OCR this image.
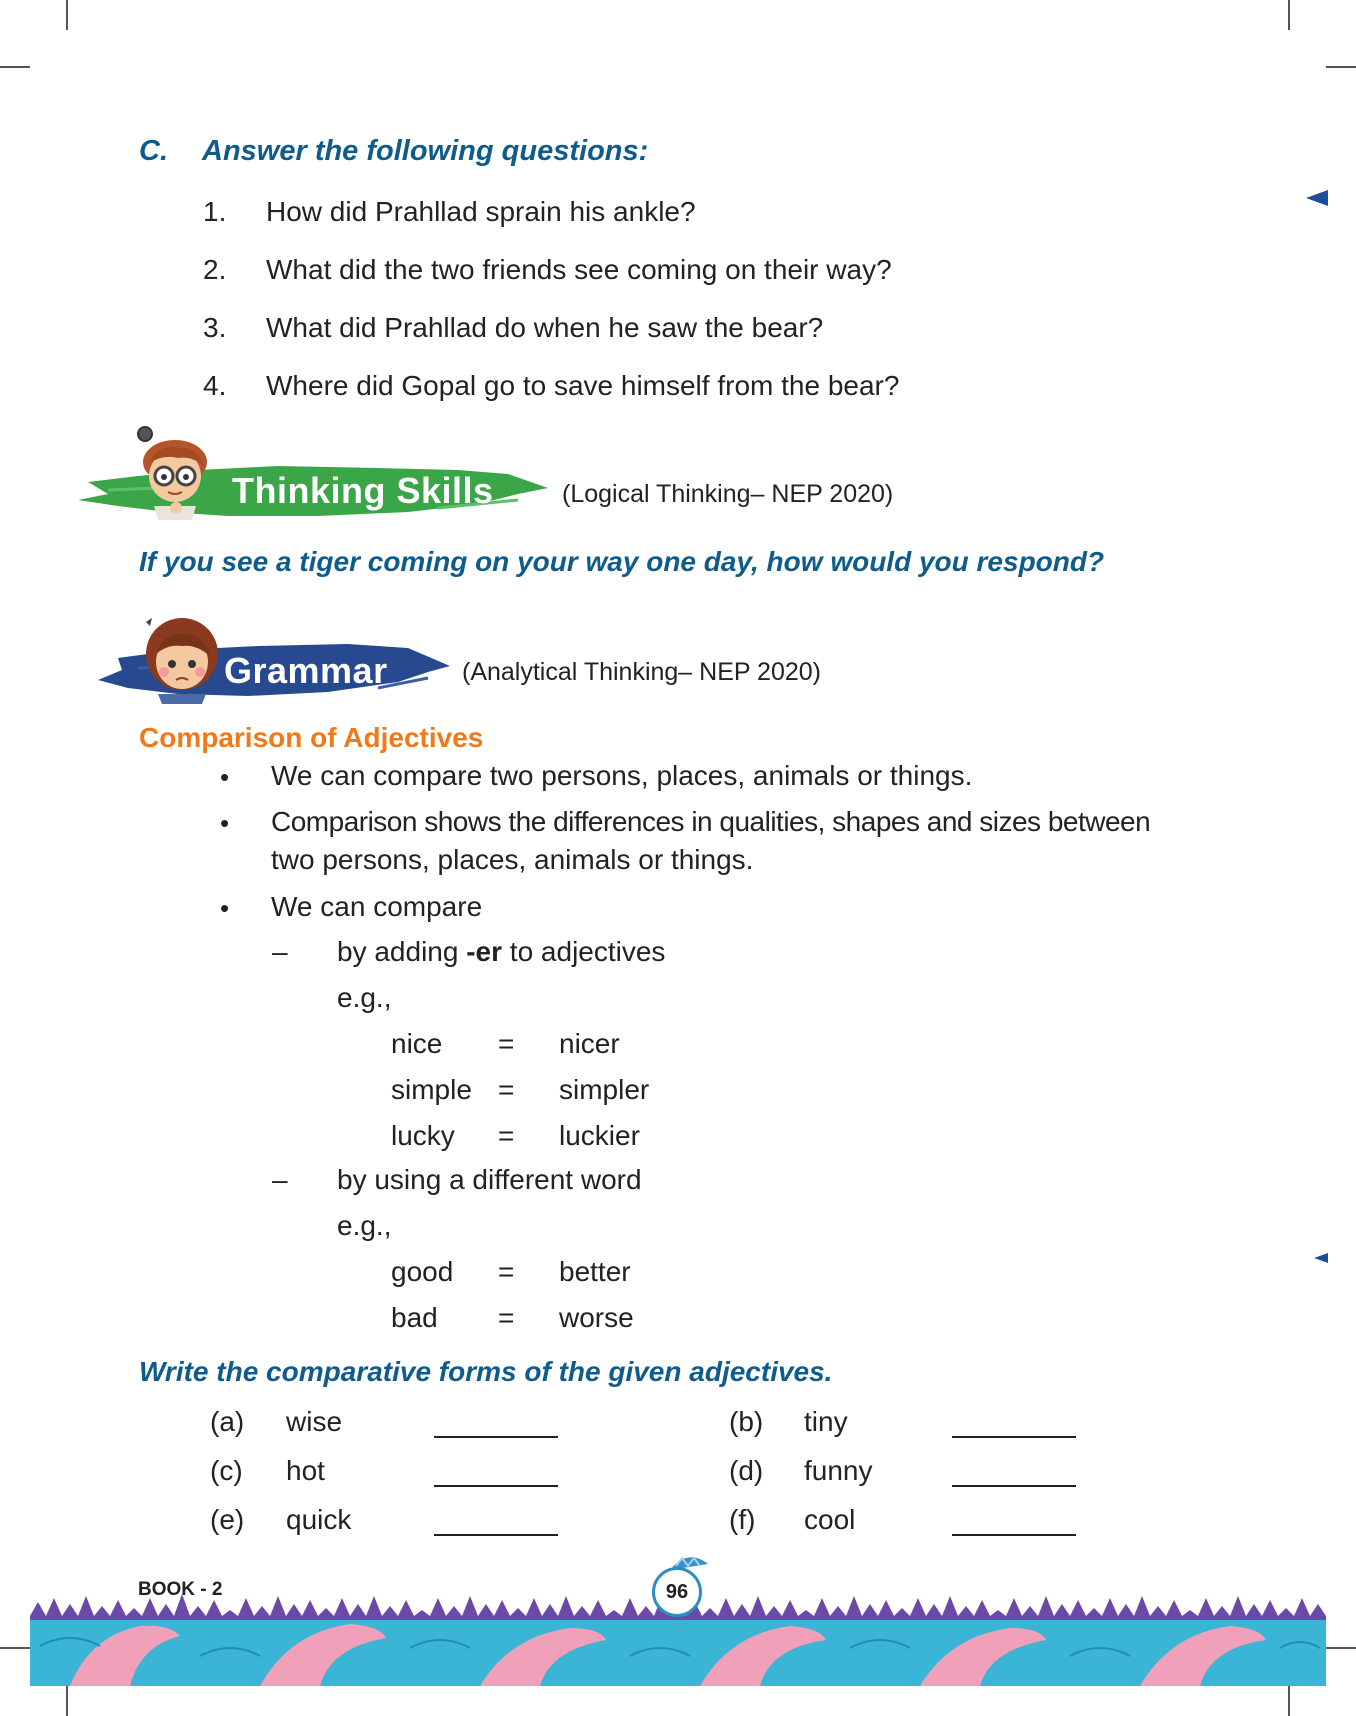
C. Answer the following questions:
1. How did Prahllad sprain his ankle?
2. What did the two friends see coming on their way?
3. What did Prahllad do when he saw the bear?
4. Where did Gopal go to save himself from the bear?
Thinking Skills	(Logical Thinking– NEP 2020)
If you see a tiger coming on your way one day, how would you respond?
Grammar	(Analytical Thinking– NEP 2020)
Comparison of Adjectives
• We can compare two persons, places, animals or things.
• Comparison shows the differences in qualities, shapes and sizes between
two persons, places, animals or things.
• We can compare
– by adding -er to adjectives
e.g.,
nice = nicer
simple = simpler
lucky = luckier
– by using a different word
e.g.,
good = better
bad = worse
Write the comparative forms of the given adjectives.
(a) wise	(b) tiny
(c) hot	(d) funny
(e) quick	(f) cool
BOOK - 2	96
